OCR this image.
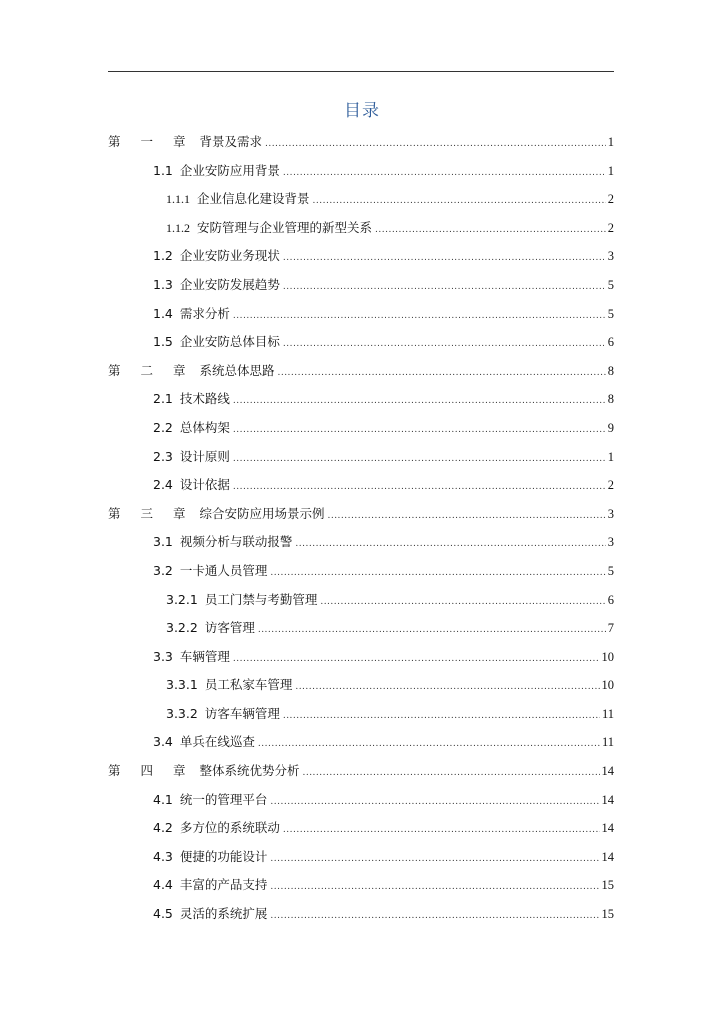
目录
第 一 章 背景及需求 .....	1
1.1 企业安防应用背景 .....	1
1.1.1 企业信息化建设背景 .....	2
1.1.2 安防管理与企业管理的新型关系 .....	2
1.2 企业安防业务现状 .....	3
1.3 企业安防发展趋势 .....	5
1.4 需求分析 .....	5
1.5 企业安防总体目标 .....	6
第 二 章 系统总体思路 .....	8
2.1 技术路线 .....	8
2.2 总体构架 .....	9
2.3 设计原则 .....	1
2.4 设计依据 .....	2
第 三 章 综合安防应用场景示例 .....	3
3.1 视频分析与联动报警 .....	3
3.2 一卡通人员管理 .....	5
3.2.1 员工门禁与考勤管理 .....	6
3.2.2 访客管理 .....	7
3.3 车辆管理 .....	10
3.3.1 员工私家车管理 .....	10
3.3.2 访客车辆管理 .....	11
3.4 单兵在线巡查 .....	11
第 四 章 整体系统优势分析 .....	14
4.1 统一的管理平台 .....	14
4.2 多方位的系统联动 .....	14
4.3 便捷的功能设计 .....	14
4.4 丰富的产品支持 .....	15
4.5 灵活的系统扩展 .....	15
